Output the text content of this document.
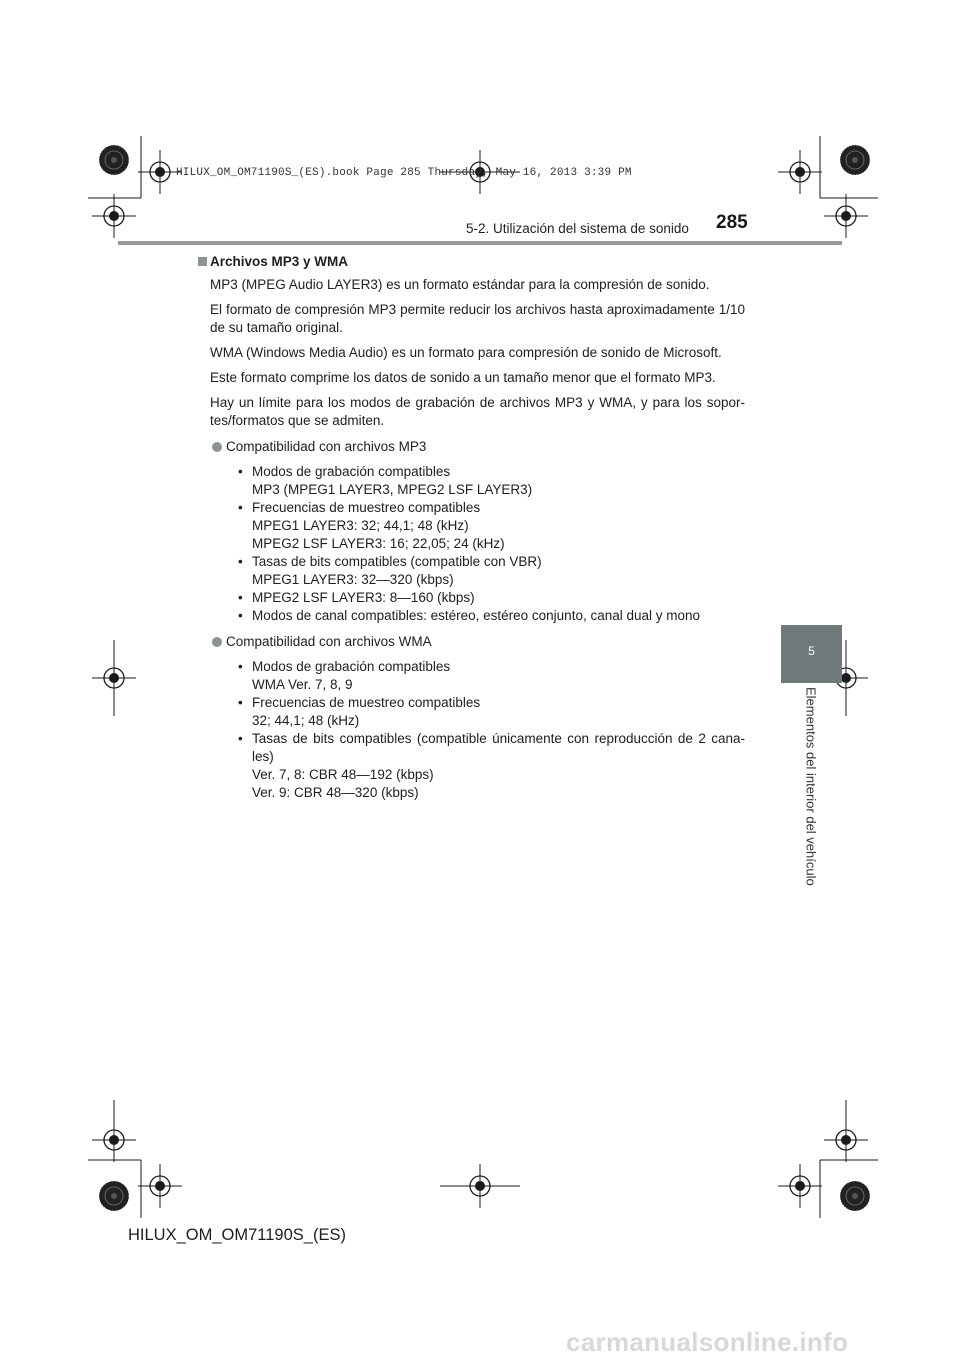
HILUX_OM_OM71190S_(ES).book Page 285 Thursday, May 16, 2013 3:39 PM
5-2. Utilización del sistema de sonido 285
5
Elementos del interior del vehículo

Archivos MP3 y WMA

MP3 (MPEG Audio LAYER3) es un formato estándar para la compresión de sonido.

El formato de compresión MP3 permite reducir los archivos hasta aproximadamente 1/10 de su tamaño original.

WMA (Windows Media Audio) es un formato para compresión de sonido de Microsoft.

Este formato comprime los datos de sonido a un tamaño menor que el formato MP3.

Hay un límite para los modos de grabación de archivos MP3 y WMA, y para los sopor-tes/formatos que se admiten.

Compatibilidad con archivos MP3

• Modos de grabación compatibles
MP3 (MPEG1 LAYER3, MPEG2 LSF LAYER3)
• Frecuencias de muestreo compatibles
MPEG1 LAYER3: 32; 44,1; 48 (kHz)
MPEG2 LSF LAYER3: 16; 22,05; 24 (kHz)
• Tasas de bits compatibles (compatible con VBR)
MPEG1 LAYER3: 32—320 (kbps)
• MPEG2 LSF LAYER3: 8—160 (kbps)
• Modos de canal compatibles: estéreo, estéreo conjunto, canal dual y mono

Compatibilidad con archivos WMA

• Modos de grabación compatibles
WMA Ver. 7, 8, 9
• Frecuencias de muestreo compatibles
32; 44,1; 48 (kHz)
• Tasas de bits compatibles (compatible únicamente con reproducción de 2 cana-les)
Ver. 7, 8: CBR 48—192 (kbps)
Ver. 9: CBR 48—320 (kbps)
HILUX_OM_OM71190S_(ES)
carmanualsonline.info
